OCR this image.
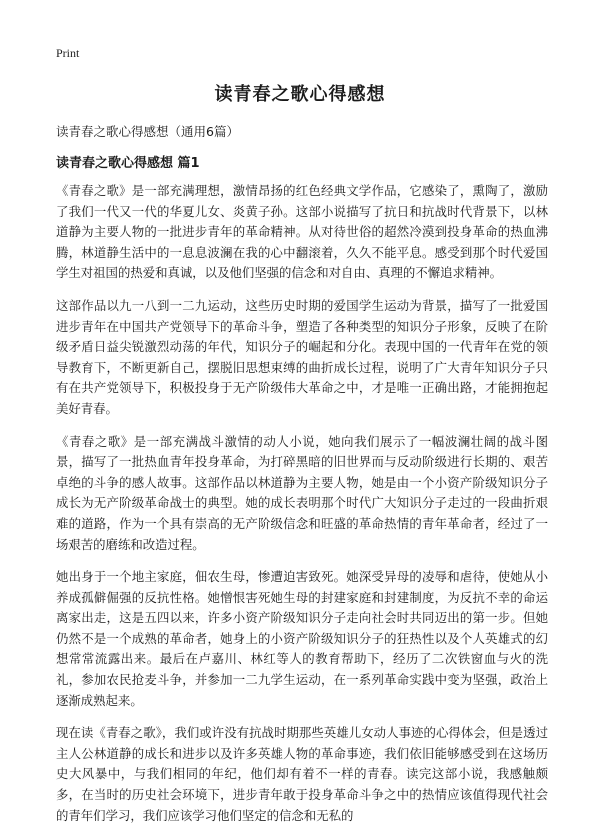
Print
读青春之歌心得感想
读青春之歌心得感想（通用6篇）
读青春之歌心得感想 篇1

《青春之歌》是一部充满理想，激情昂扬的红色经典文学作品，它感染了，熏陶了，激励了我们一代又一代的华夏儿女、炎黄子孙。这部小说描写了抗日和抗战时代背景下，以林道静为主要人物的一批进步青年的革命精神。从对待世俗的超然冷漠到投身革命的热血沸腾，林道静生活中的一息息波澜在我的心中翻滚着，久久不能平息。感受到那个时代爱国学生对祖国的热爱和真诚，以及他们坚强的信念和对自由、真理的不懈追求精神。

这部作品以九一八到一二九运动，这些历史时期的爱国学生运动为背景，描写了一批爱国进步青年在中国共产党领导下的革命斗争，塑造了各种类型的知识分子形象，反映了在阶级矛盾日益尖锐激烈动荡的年代，知识分子的崛起和分化。表现中国的一代青年在党的领导教育下，不断更新自己，摆脱旧思想束缚的曲折成长过程，说明了广大青年知识分子只有在共产党领导下，积极投身于无产阶级伟大革命之中，才是唯一正确出路，才能拥抱起美好青春。

《青春之歌》是一部充满战斗激情的动人小说，她向我们展示了一幅波澜壮阔的战斗图景，描写了一批热血青年投身革命，为打碎黑暗的旧世界而与反动阶级进行长期的、艰苦卓绝的斗争的感人故事。这部作品以林道静为主要人物，她是由一个小资产阶级知识分子成长为无产阶级革命战士的典型。她的成长表明那个时代广大知识分子走过的一段曲折艰难的道路，作为一个具有崇高的无产阶级信念和旺盛的革命热情的青年革命者，经过了一场艰苦的磨练和改造过程。

她出身于一个地主家庭，佃农生母，惨遭迫害致死。她深受异母的凌辱和虐待，使她从小养成孤僻倔强的反抗性格。她憎恨害死她生母的封建家庭和封建制度，为反抗不幸的命运离家出走，这是五四以来，许多小资产阶级知识分子走向社会时共同迈出的第一步。但她仍然不是一个成熟的革命者，她身上的小资产阶级知识分子的狂热性以及个人英雄式的幻想常常流露出来。最后在卢嘉川、林红等人的教育帮助下，经历了二次铁窗血与火的洗礼，参加农民抢麦斗争，并参加一二九学生运动，在一系列革命实践中变为坚强，政治上逐渐成熟起来。

现在读《青春之歌》，我们或许没有抗战时期那些英雄儿女动人事迹的心得体会，但是透过主人公林道静的成长和进步以及许多英雄人物的革命事迹，我们依旧能够感受到在这场历史大风暴中，与我们相同的年纪，他们却有着不一样的青春。读完这部小说，我感触颇多，在当时的历史社会环境下，进步青年敢于投身革命斗争之中的热情应该值得现代社会的青年们学习，我们应该学习他们坚定的信念和无私的
